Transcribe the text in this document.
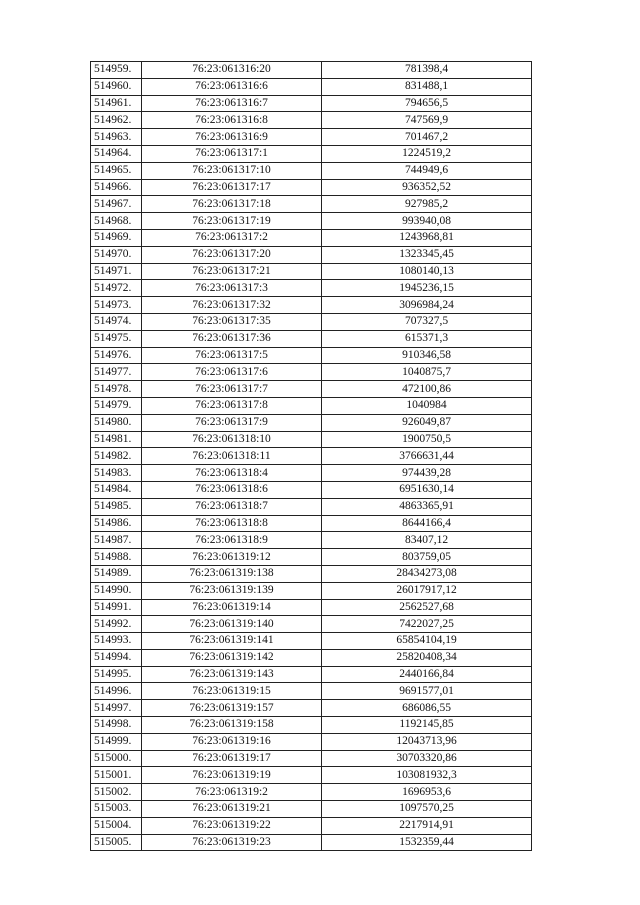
514959.	76:23:061316:20	781398,4
514960.	76:23:061316:6	831488,1
514961.	76:23:061316:7	794656,5
514962.	76:23:061316:8	747569,9
514963.	76:23:061316:9	701467,2
514964.	76:23:061317:1	1224519,2
514965.	76:23:061317:10	744949,6
514966.	76:23:061317:17	936352,52
514967.	76:23:061317:18	927985,2
514968.	76:23:061317:19	993940,08
514969.	76:23:061317:2	1243968,81
514970.	76:23:061317:20	1323345,45
514971.	76:23:061317:21	1080140,13
514972.	76:23:061317:3	1945236,15
514973.	76:23:061317:32	3096984,24
514974.	76:23:061317:35	707327,5
514975.	76:23:061317:36	615371,3
514976.	76:23:061317:5	910346,58
514977.	76:23:061317:6	1040875,7
514978.	76:23:061317:7	472100,86
514979.	76:23:061317:8	1040984
514980.	76:23:061317:9	926049,87
514981.	76:23:061318:10	1900750,5
514982.	76:23:061318:11	3766631,44
514983.	76:23:061318:4	974439,28
514984.	76:23:061318:6	6951630,14
514985.	76:23:061318:7	4863365,91
514986.	76:23:061318:8	8644166,4
514987.	76:23:061318:9	83407,12
514988.	76:23:061319:12	803759,05
514989.	76:23:061319:138	28434273,08
514990.	76:23:061319:139	26017917,12
514991.	76:23:061319:14	2562527,68
514992.	76:23:061319:140	7422027,25
514993.	76:23:061319:141	65854104,19
514994.	76:23:061319:142	25820408,34
514995.	76:23:061319:143	2440166,84
514996.	76:23:061319:15	9691577,01
514997.	76:23:061319:157	686086,55
514998.	76:23:061319:158	1192145,85
514999.	76:23:061319:16	12043713,96
515000.	76:23:061319:17	30703320,86
515001.	76:23:061319:19	103081932,3
515002.	76:23:061319:2	1696953,6
515003.	76:23:061319:21	1097570,25
515004.	76:23:061319:22	2217914,91
515005.	76:23:061319:23	1532359,44
